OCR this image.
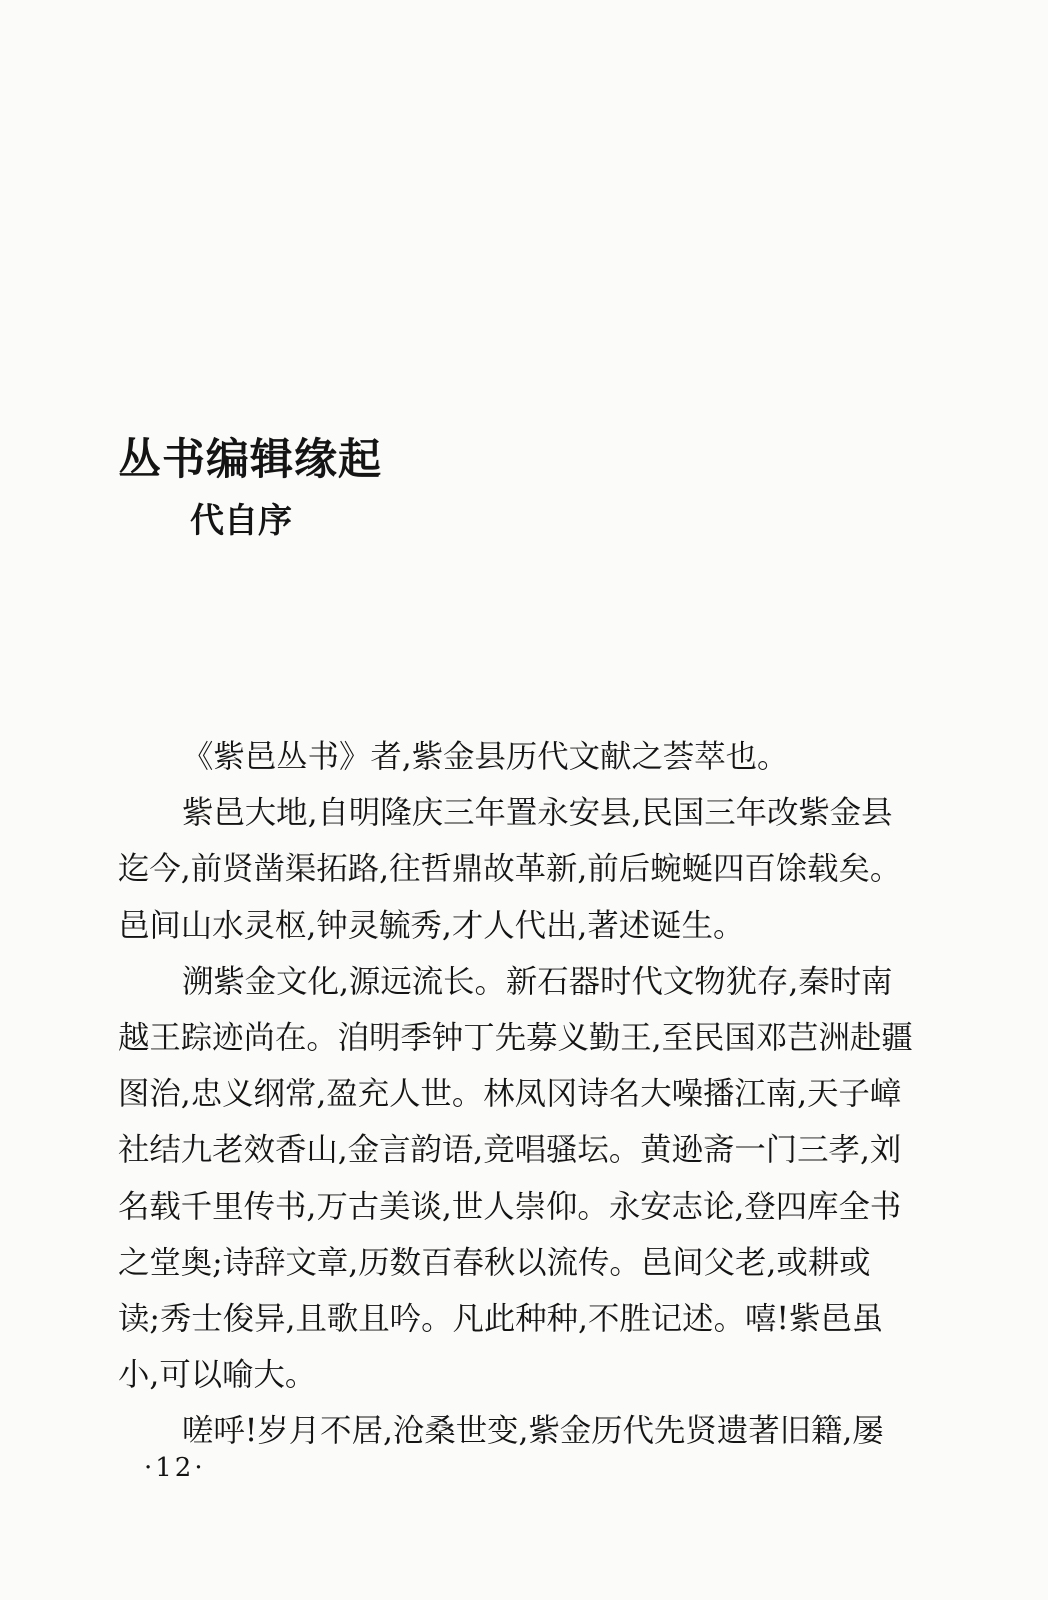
丛书编辑缘起
代自序
《紫邑丛书》者,紫金县历代文献之荟萃也。
紫邑大地,自明隆庆三年置永安县,民国三年改紫金县
迄今,前贤凿渠拓路,往哲鼎故革新,前后蜿蜒四百馀载矣。
邑间山水灵枢,钟灵毓秀,才人代出,著述诞生。
溯紫金文化,源远流长。新石器时代文物犹存,秦时南
越王踪迹尚在。洎明季钟丁先募义勤王,至民国邓芑洲赴疆
图治,忠义纲常,盈充人世。林凤冈诗名大噪播江南,天子嶂
社结九老效香山,金言韵语,竞唱骚坛。黄逊斋一门三孝,刘
名载千里传书,万古美谈,世人崇仰。永安志论,登四库全书
之堂奥;诗辞文章,历数百春秋以流传。邑间父老,或耕或
读;秀士俊异,且歌且吟。凡此种种,不胜记述。嘻!紫邑虽
小,可以喻大。
嗟呼!岁月不居,沧桑世变,紫金历代先贤遗著旧籍,屡
·12·
